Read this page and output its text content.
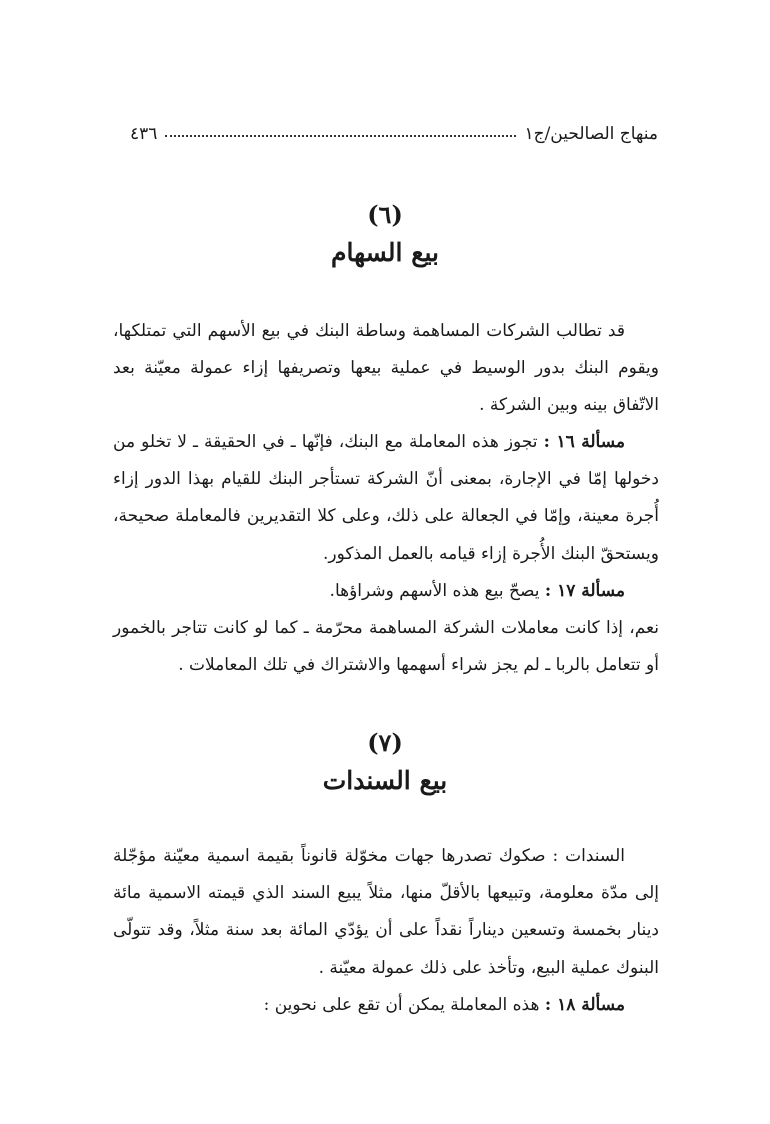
منهاج الصالحين/ج١
٤٣٦
(٦)
بيع السهام

قد تطالب الشركات المساهمة وساطة البنك في بيع الأسهم التي تمتلكها، ويقوم البنك بدور الوسيط في عملية بيعها وتصريفها إزاء عمولة معيّنة بعد الاتّفاق بينه وبين الشركة .

مسألة ١٦ : تجوز هذه المعاملة مع البنك، فإنّها ـ في الحقيقة ـ لا تخلو من دخولها إمّا في الإجارة، بمعنى أنّ الشركة تستأجر البنك للقيام بهذا الدور إزاء أُجرة معينة، وإمّا في الجعالة على ذلك، وعلى كلا التقديرين فالمعاملة صحيحة، ويستحقّ البنك الأُجرة إزاء قيامه بالعمل المذكور.

مسألة ١٧ : يصحّ بيع هذه الأسهم وشراؤها.

نعم، إذا كانت معاملات الشركة المساهمة محرّمة ـ كما لو كانت تتاجر بالخمور أو تتعامل بالربا ـ لم يجز شراء أسهمها والاشتراك في تلك المعاملات .

(٧)
بيع السندات

السندات : صكوك تصدرها جهات مخوّلة قانوناً بقيمة اسمية معيّنة مؤجّلة إلى مدّة معلومة، وتبيعها بالأقلّ منها، مثلاً يبيع السند الذي قيمته الاسمية مائة دينار بخمسة وتسعين ديناراً نقداً على أن يؤدّي المائة بعد سنة مثلاً، وقد تتولّى البنوك عملية البيع، وتأخذ على ذلك عمولة معيّنة .

مسألة ١٨ : هذه المعاملة يمكن أن تقع على نحوين :
